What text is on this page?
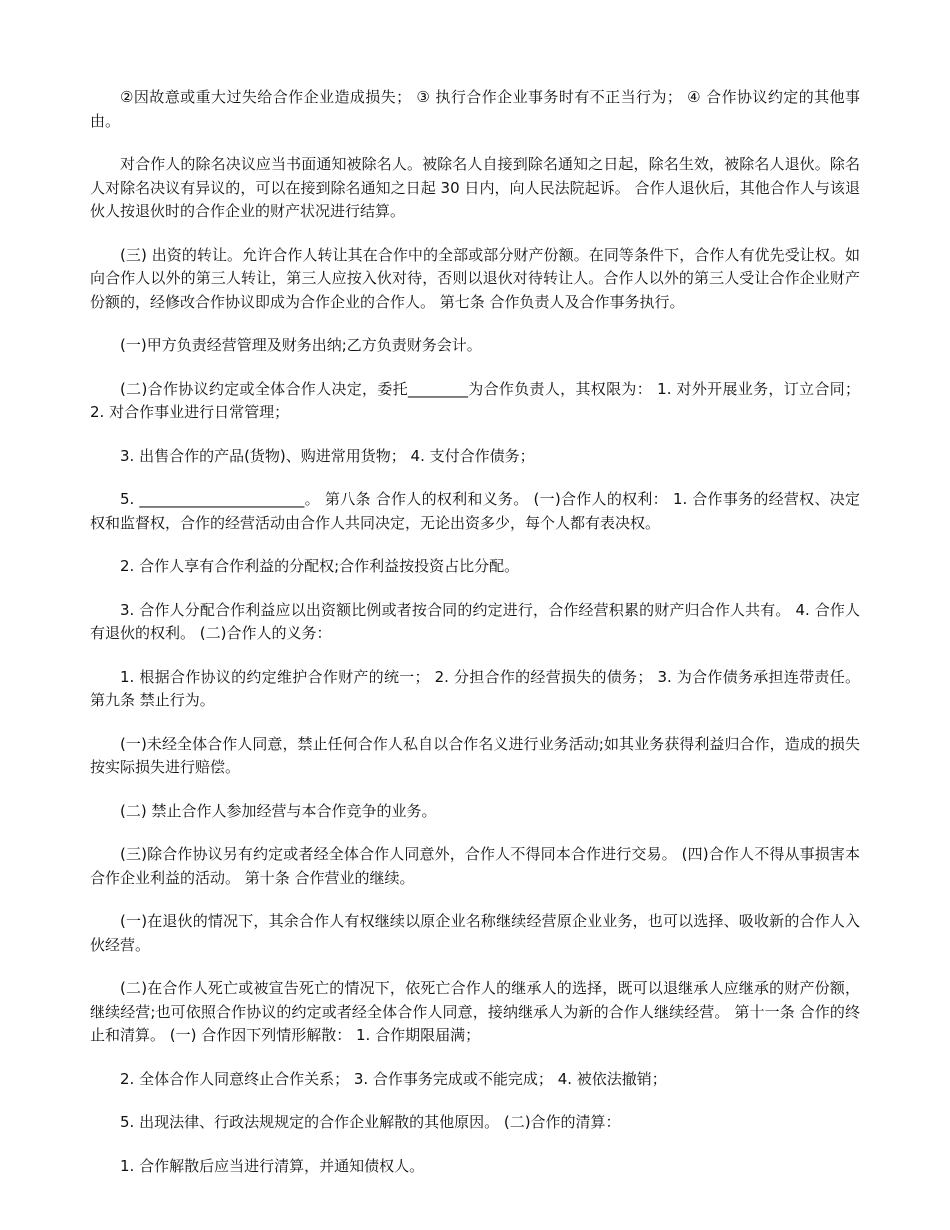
②因故意或重大过失给合作企业造成损失； ③ 执行合作企业事务时有不正当行为； ④ 合作协议约定的其他事由。

对合作人的除名决议应当书面通知被除名人。被除名人自接到除名通知之日起，除名生效，被除名人退伙。除名人对除名决议有异议的，可以在接到除名通知之日起 30 日内，向人民法院起诉。 合作人退伙后，其他合作人与该退伙人按退伙时的合作企业的财产状况进行结算。

(三) 出资的转让。允许合作人转让其在合作中的全部或部分财产份额。在同等条件下，合作人有优先受让权。如向合作人以外的第三人转让，第三人应按入伙对待，否则以退伙对待转让人。合作人以外的第三人受让合作企业财产份额的，经修改合作协议即成为合作企业的合作人。 第七条 合作负责人及合作事务执行。

(一)甲方负责经营管理及财务出纳;乙方负责财务会计。

(二)合作协议约定或全体合作人决定，委托________为合作负责人，其权限为： 1. 对外开展业务，订立合同； 2. 对合作事业进行日常管理；

3. 出售合作的产品(货物)、购进常用货物； 4. 支付合作债务；

5. ______________________。 第八条 合作人的权利和义务。 (一)合作人的权利： 1. 合作事务的经营权、决定权和监督权，合作的经营活动由合作人共同决定，无论出资多少，每个人都有表决权。

2. 合作人享有合作利益的分配权;合作利益按投资占比分配。

3. 合作人分配合作利益应以出资额比例或者按合同的约定进行，合作经营积累的财产归合作人共有。 4. 合作人有退伙的权利。 (二)合作人的义务：

1. 根据合作协议的约定维护合作财产的统一； 2. 分担合作的经营损失的债务； 3. 为合作债务承担连带责任。 第九条 禁止行为。

(一)未经全体合作人同意，禁止任何合作人私自以合作名义进行业务活动;如其业务获得利益归合作，造成的损失按实际损失进行赔偿。

(二) 禁止合作人参加经营与本合作竞争的业务。

(三)除合作协议另有约定或者经全体合作人同意外，合作人不得同本合作进行交易。 (四)合作人不得从事损害本合作企业利益的活动。 第十条 合作营业的继续。

(一)在退伙的情况下，其余合作人有权继续以原企业名称继续经营原企业业务，也可以选择、吸收新的合作人入伙经营。

(二)在合作人死亡或被宣告死亡的情况下，依死亡合作人的继承人的选择，既可以退继承人应继承的财产份额，继续经营;也可依照合作协议的约定或者经全体合作人同意，接纳继承人为新的合作人继续经营。 第十一条 合作的终止和清算。 (一) 合作因下列情形解散： 1. 合作期限届满；

2. 全体合作人同意终止合作关系； 3. 合作事务完成或不能完成； 4. 被依法撤销；

5. 出现法律、行政法规规定的合作企业解散的其他原因。 (二)合作的清算：

1. 合作解散后应当进行清算，并通知债权人。
